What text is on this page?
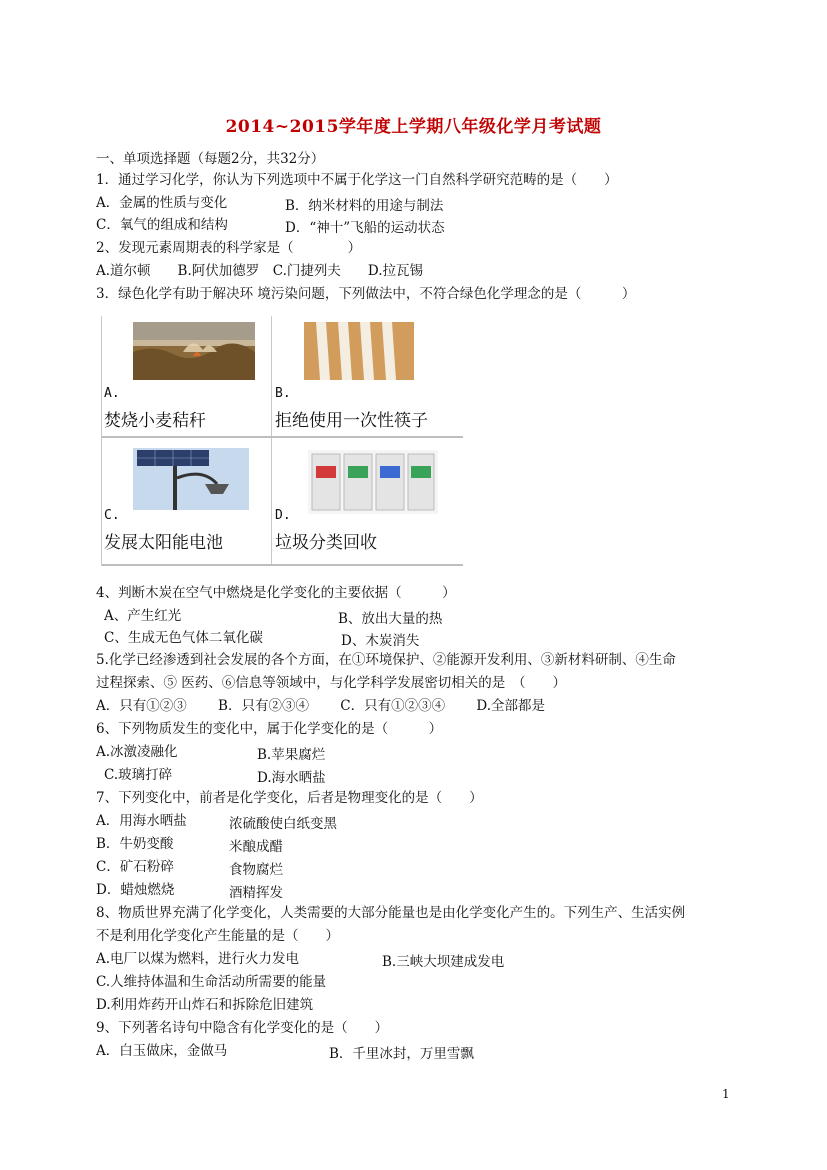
2014~2015学年度上学期八年级化学月考试题
一、单项选择题（每题2分，共32分）
1．通过学习化学，你认为下列选项中不属于化学这一门自然科学研究范畴的是（　　）
A．金属的性质与变化	B．纳米材料的用途与制法
C．氧气的组成和结构	D．“神十”飞船的运动状态
2、发现元素周期表的科学家是（　　　　）
A.道尔顿　　B.阿伏加德罗　C.门捷列夫　　D.拉瓦锡
3．绿色化学有助于解决环 境污染问题，下列做法中，不符合绿色化学理念的是（　　　）
A.
焚烧小麦秸秆
B.
拒绝使用一次性筷子
C.
发展太阳能电池
D.
垃圾分类回收
4、判断木炭在空气中燃烧是化学变化的主要依据（　　　）
A、产生红光	B、放出大量的热
C、生成无色气体二氧化碳	D、木炭消失
5.化学已经渗透到社会发展的各个方面，在①环境保护、②能源开发利用、③新材料研制、④生命
过程探索、⑤ 医药、⑥信息等领域中，与化学科学发展密切相关的是　（　　）
A．只有①②③　　 B．只有②③④　　 C．只有①②③④　　 D.全部都是
6、下列物质发生的变化中，属于化学变化的是（　　　）
A.冰激凌融化	B.苹果腐烂
C.玻璃打碎	D.海水晒盐
7、下列变化中，前者是化学变化，后者是物理变化的是（　　）
A．用海水晒盐	浓硫酸使白纸变黑
B．牛奶变酸	米酿成醋
C．矿石粉碎	食物腐烂
D．蜡烛燃烧	酒精挥发
8、物质世界充满了化学变化，人类需要的大部分能量也是由化学变化产生的。下列生产、生活实例
不是利用化学变化产生能量的是（　　）
A.电厂以煤为燃料，进行火力发电	B.三峡大坝建成发电
C.人维持体温和生命活动所需要的能量
D.利用炸药开山炸石和拆除危旧建筑
9、下列著名诗句中隐含有化学变化的是（　　）
A．白玉做床，金做马	B．千里冰封，万里雪飘
1
